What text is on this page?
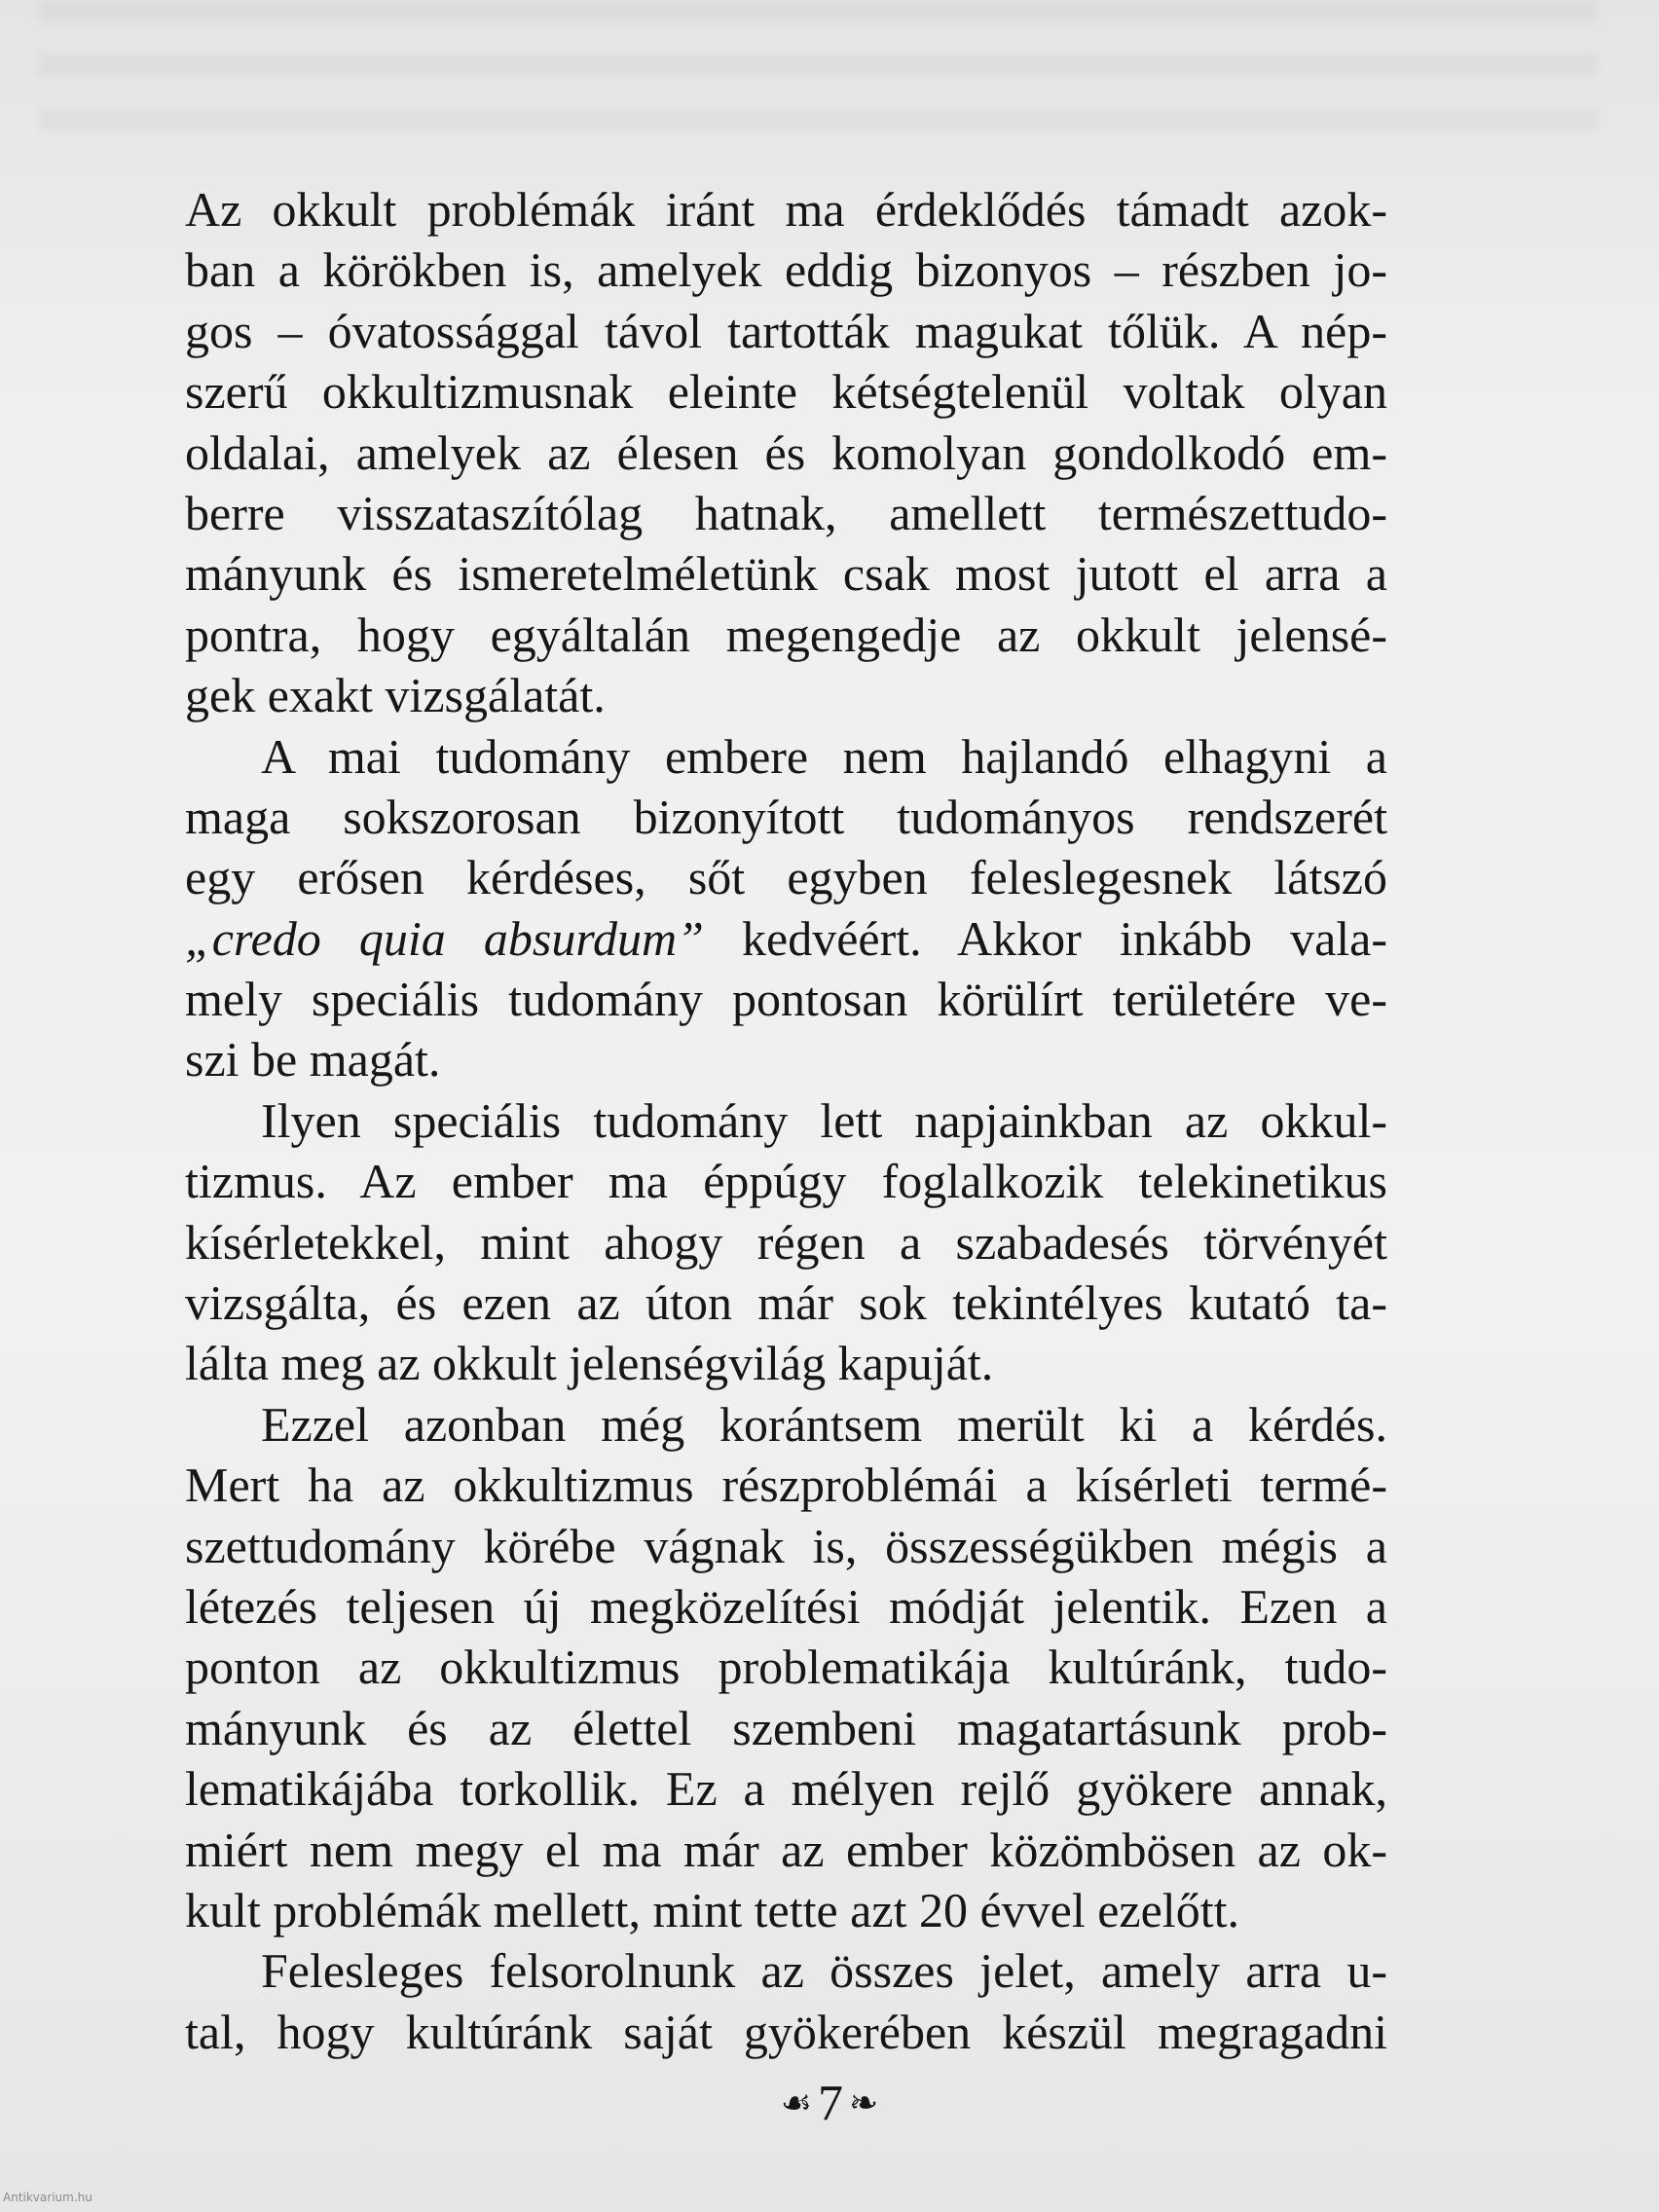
Az okkult problémák iránt ma érdeklődés támadt azok-
ban a körökben is, amelyek eddig bizonyos – részben jo-
gos – óvatossággal távol tartották magukat tőlük. A nép-
szerű okkultizmusnak eleinte kétségtelenül voltak olyan
oldalai, amelyek az élesen és komolyan gondolkodó em-
berre visszataszítólag hatnak, amellett természettudo-
mányunk és ismeretelméletünk csak most jutott el arra a
pontra, hogy egyáltalán megengedje az okkult jelensé-
gek exakt vizsgálatát.
A mai tudomány embere nem hajlandó elhagyni a
maga sokszorosan bizonyított tudományos rendszerét
egy erősen kérdéses, sőt egyben feleslegesnek látszó
„credo quia absurdum” kedvéért. Akkor inkább vala-
mely speciális tudomány pontosan körülírt területére ve-
szi be magát.
Ilyen speciális tudomány lett napjainkban az okkul-
tizmus. Az ember ma éppúgy foglalkozik telekinetikus
kísérletekkel, mint ahogy régen a szabadesés törvényét
vizsgálta, és ezen az úton már sok tekintélyes kutató ta-
lálta meg az okkult jelenségvilág kapuját.
Ezzel azonban még korántsem merült ki a kérdés.
Mert ha az okkultizmus részproblémái a kísérleti termé-
szettudomány körébe vágnak is, összességükben mégis a
létezés teljesen új megközelítési módját jelentik. Ezen a
ponton az okkultizmus problematikája kultúránk, tudo-
mányunk és az élettel szembeni magatartásunk prob-
lematikájába torkollik. Ez a mélyen rejlő gyökere annak,
miért nem megy el ma már az ember közömbösen az ok-
kult problémák mellett, mint tette azt 20 évvel ezelőtt.
Felesleges felsorolnunk az összes jelet, amely arra u-
tal, hogy kultúránk saját gyökerében készül megragadni
☙ 7 ❧
Antikvarium.hu
